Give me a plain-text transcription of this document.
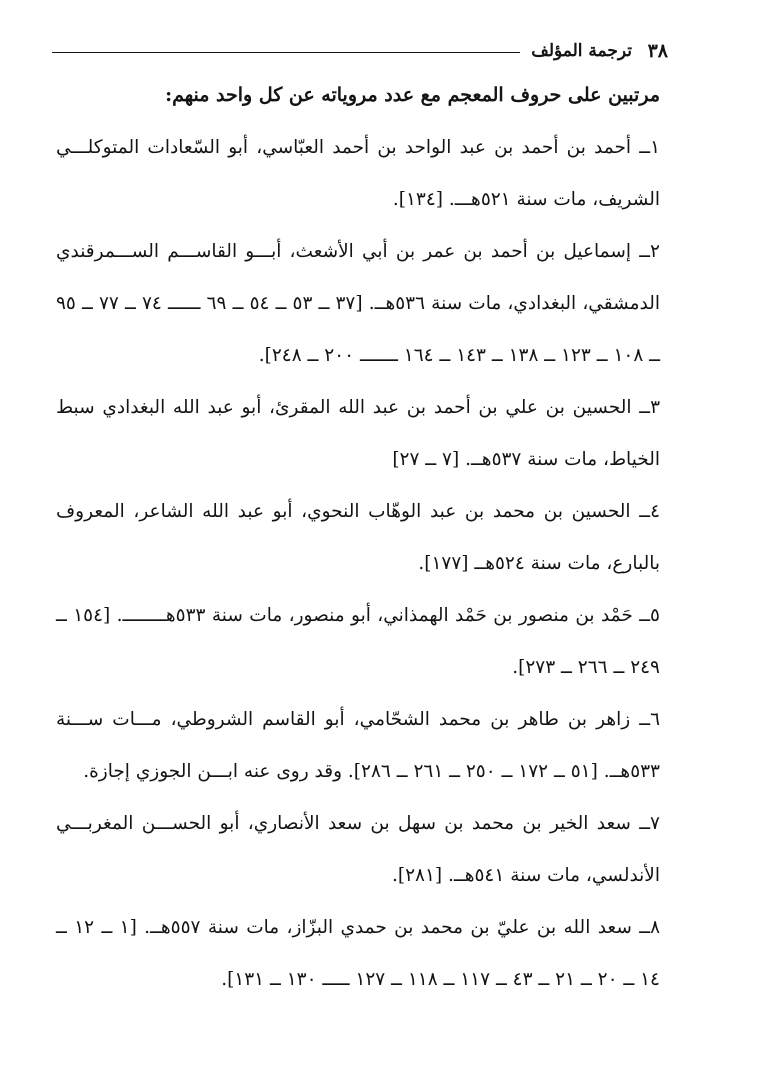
٣٨
ترجمة المؤلف

مرتبين على حروف المعجم مع عدد مروياته عن كل واحد منهم:

١ــ أحمد بن أحمد بن عبد الواحد بن أحمد العبّاسي، أبو السّعادات المتوكلـــي الشريف، مات سنة ٥٢١هـــ. [١٣٤].

٢ــ إسماعيل بن أحمد بن عمر بن أبي الأشعث، أبـــو القاســـم الســـمرقندي الدمشقي، البغدادي، مات سنة ٥٣٦هــ. [٣٧ ــ ٥٣ ــ ٥٤ ــ ٦٩ ــــــ ٧٤ ــ ٧٧ ــ ٩٥ ــ ١٠٨ ــ ١٢٣ ــ ١٣٨ ــ ١٤٣ ــ ١٦٤ ـــــــ ٢٠٠ ــ ٢٤٨].

٣ــ الحسين بن علي بن أحمد بن عبد الله المقرئ، أبو عبد الله البغدادي سبط الخياط، مات سنة ٥٣٧هــ. [٧ ــ ٢٧]

٤ــ الحسين بن محمد بن عبد الوهّاب النحوي، أبو عبد الله الشاعر، المعروف بالبارع، مات سنة ٥٢٤هــ [١٧٧].

٥ــ حَمْد بن منصور بن حَمْد الهمذاني، أبو منصور، مات سنة ٥٣٣هــــــــ. [١٥٤ ــ ٢٤٩ ــ ٢٦٦ ــ ٢٧٣].

٦ــ زاهر بن طاهر بن محمد الشحّامي، أبو القاسم الشروطي، مـــات ســـنة ٥٣٣هــ. [٥١ ــ ١٧٢ ــ ٢٥٠ ــ ٢٦١ ــ ٢٨٦]. وقد روى عنه ابـــن الجوزي إجازة.

٧ــ سعد الخير بن محمد بن سهل بن سعد الأنصاري، أبو الحســـن المغربـــي الأندلسي، مات سنة ٥٤١هــ. [٢٨١].

٨ــ سعد الله بن عليّ بن محمد بن حمدي البزّاز، مات سنة ٥٥٧هــ. [١ ــ ١٢ ــ ١٤ ــ ٢٠ ــ ٢١ ــ ٤٣ ــ ١١٧ ــ ١١٨ ــ ١٢٧ ـــــ ١٣٠ ــ ١٣١].
